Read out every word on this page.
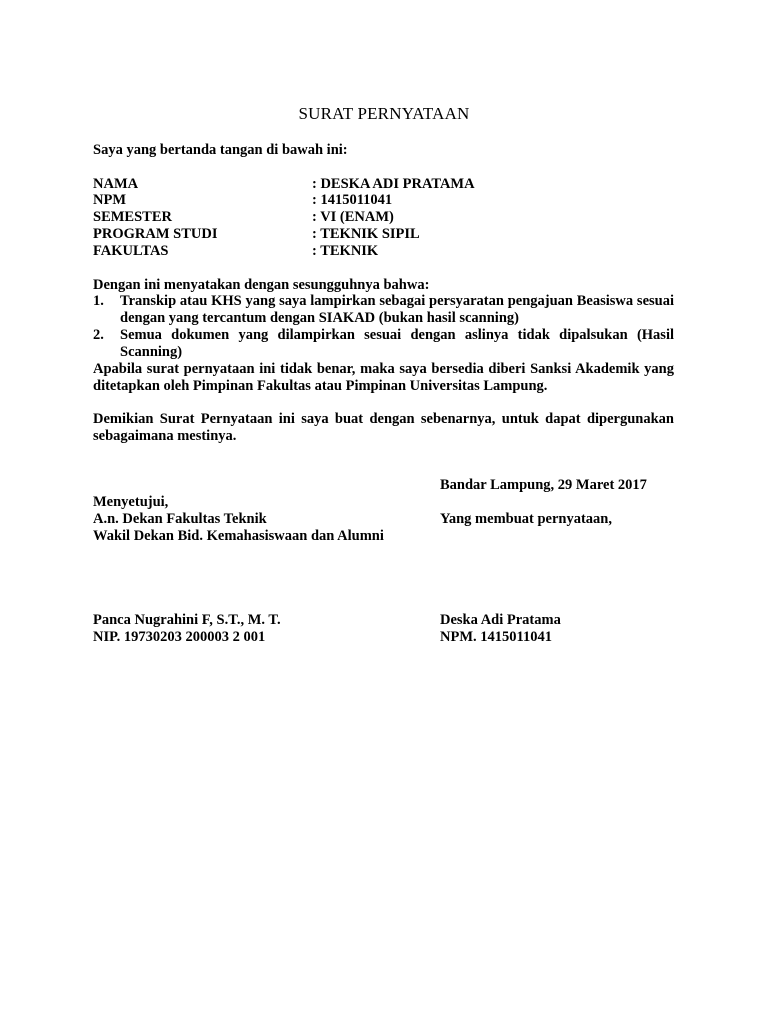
SURAT PERNYATAAN
Saya yang bertanda tangan di bawah ini:
NAMA	: DESKA ADI PRATAMA
NPM	: 1415011041
SEMESTER	: VI (ENAM)
PROGRAM STUDI	: TEKNIK SIPIL
FAKULTAS	: TEKNIK
Dengan ini menyatakan dengan sesungguhnya bahwa:
1. Transkip atau KHS yang saya lampirkan sebagai persyaratan pengajuan Beasiswa sesuai dengan yang tercantum dengan SIAKAD (bukan hasil scanning)
2. Semua dokumen yang dilampirkan sesuai dengan aslinya tidak dipalsukan (Hasil Scanning)
Apabila surat pernyataan ini tidak benar, maka saya bersedia diberi Sanksi Akademik yang ditetapkan oleh Pimpinan Fakultas atau Pimpinan Universitas Lampung.
Demikian Surat Pernyataan ini saya buat dengan sebenarnya, untuk dapat dipergunakan sebagaimana mestinya.
Bandar Lampung, 29 Maret 2017
Menyetujui,
A.n. Dekan Fakultas Teknik	Yang membuat pernyataan,
Wakil Dekan Bid. Kemahasiswaan dan Alumni
Panca Nugrahini F, S.T., M. T.	Deska Adi Pratama
NIP. 19730203 200003 2 001	NPM. 1415011041
